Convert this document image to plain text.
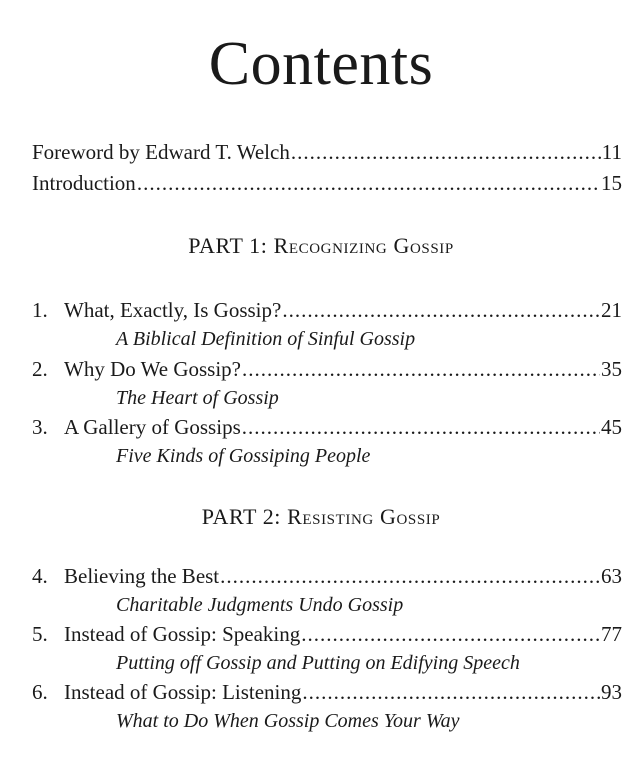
Contents
Foreword by Edward T. Welch .....	11
Introduction .....	15
PART 1: Recognizing Gossip
1. What, Exactly, Is Gossip? .....	21
A Biblical Definition of Sinful Gossip
2. Why Do We Gossip? .....	35
The Heart of Gossip
3. A Gallery of Gossips .....	45
Five Kinds of Gossiping People
PART 2: Resisting Gossip
4. Believing the Best .....	63
Charitable Judgments Undo Gossip
5. Instead of Gossip: Speaking .....	77
Putting off Gossip and Putting on Edifying Speech
6. Instead of Gossip: Listening .....	93
What to Do When Gossip Comes Your Way
